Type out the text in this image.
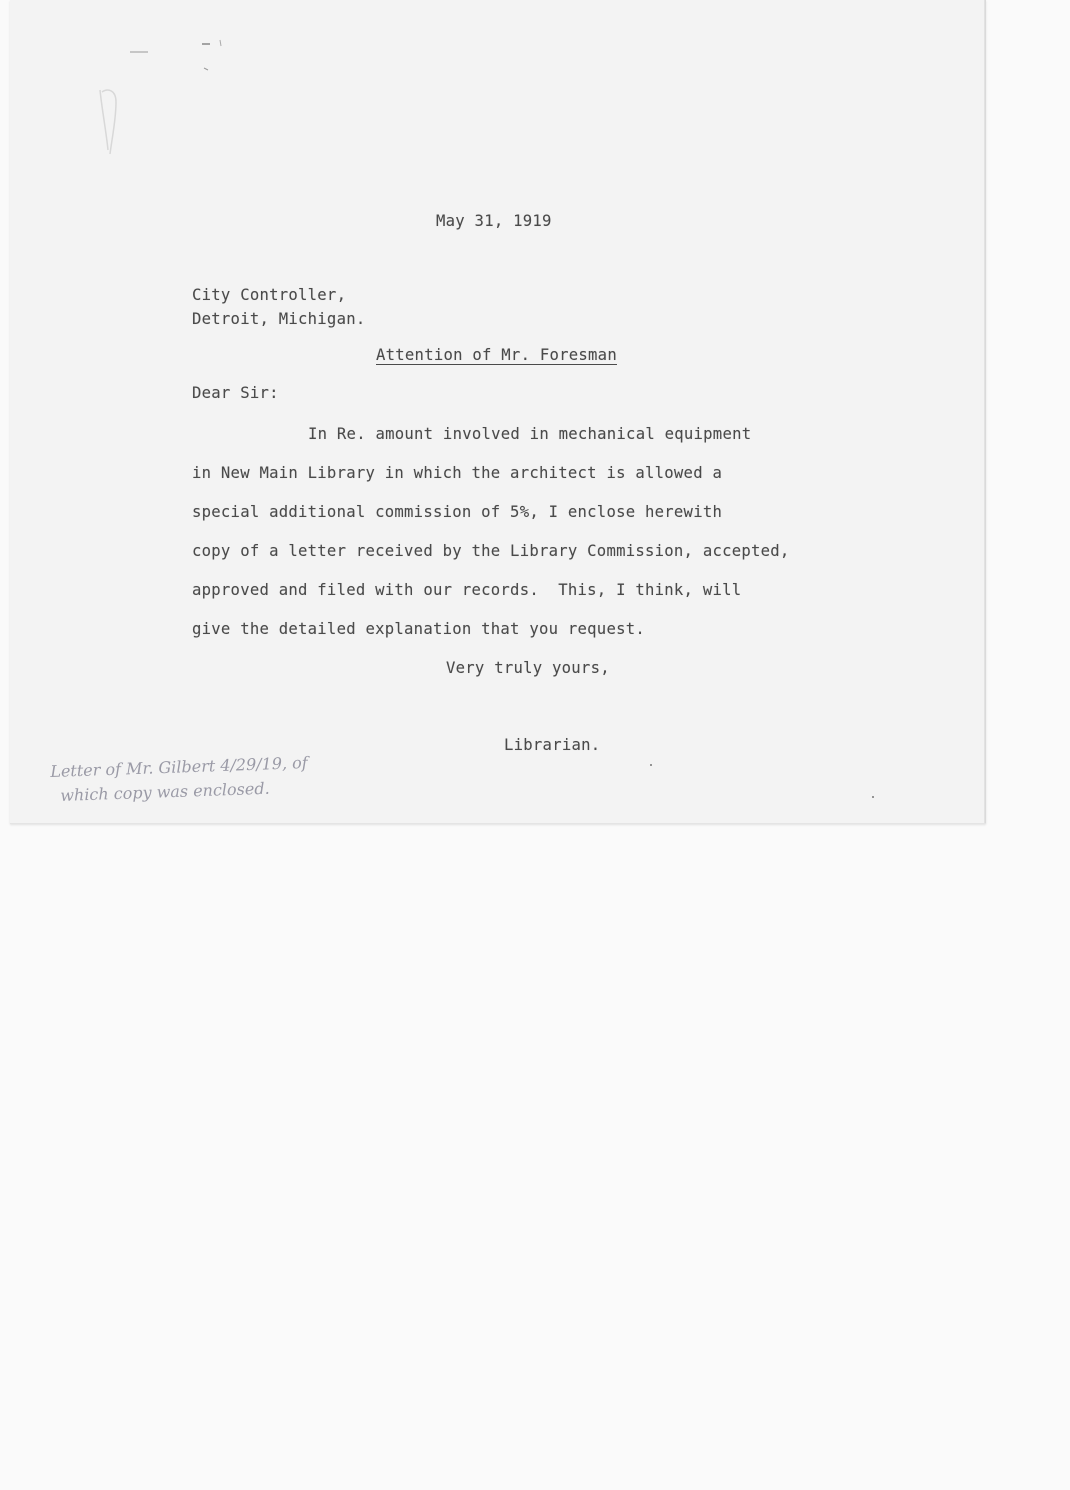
May 31, 1919
City Controller,
Detroit, Michigan.
Attention of Mr. Foresman
Dear Sir:
In Re. amount involved in mechanical equipment
in New Main Library in which the architect is allowed a
special additional commission of 5%, I enclose herewith
copy of a letter received by the Library Commission, accepted,
approved and filed with our records.  This, I think, will
give the detailed explanation that you request.
Very truly yours,
Librarian.
Letter of Mr. Gilbert 4/29/19, of
which copy was enclosed.
